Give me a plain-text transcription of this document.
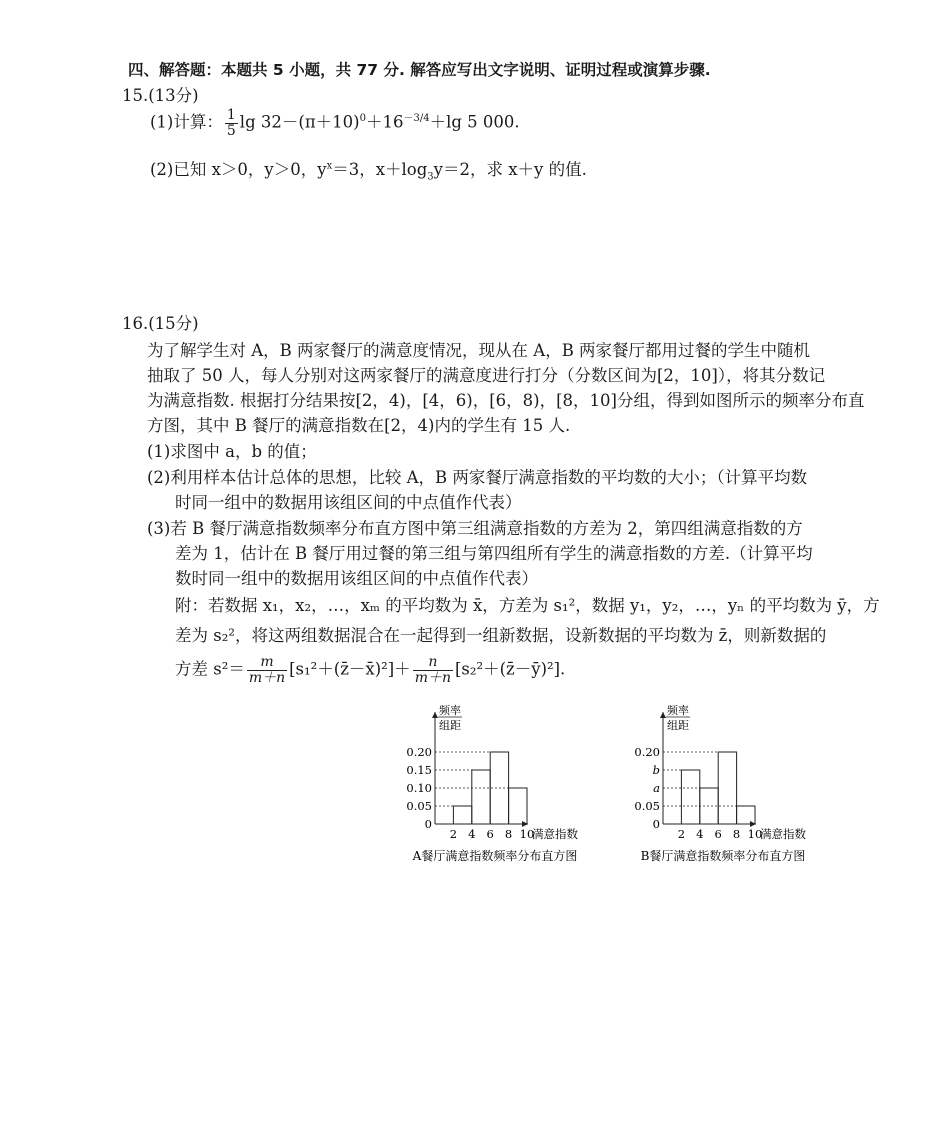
四、解答题：本题共 5 小题，共 77 分. 解答应写出文字说明、证明过程或演算步骤.
15.(13分)
(1)计算： $\frac{1}{5}$ $\lg 32-(\pi+10)^0+16^{-3/4}+\lg$ 5 000.
(2)已知 x＞0，y＞0，$y^x=3$，$x+\log_3y=2$，求 x＋y 的值.
16.(15分)
为了解学生对 A，B 两家餐厅的满意度情况，现从在 A，B 两家餐厅都用过餐的学生中随机
抽取了 50 人，每人分别对这两家餐厅的满意度进行打分（分数区间为[2，10]），将其分数记
为满意指数. 根据打分结果按[2，4)，[4，6)，[6，8)，[8，10]分组，得到如图所示的频率分布直
方图，其中 B 餐厅的满意指数在[2，4)内的学生有 15 人.
(1)求图中 a，b 的值；
(2)利用样本估计总体的思想，比较 A，B 两家餐厅满意指数的平均数的大小；（计算平均数
时同一组中的数据用该组区间的中点值作代表）
(3)若 B 餐厅满意指数频率分布直方图中第三组满意指数的方差为 2，第四组满意指数的方
差为 1，估计在 B 餐厅用过餐的第三组与第四组所有学生的满意指数的方差.（计算平均
数时同一组中的数据用该组区间的中点值作代表）
附：若数据 x₁，x₂，…，xₘ 的平均数为 x̄，方差为 s₁²，数据 y₁，y₂，…，yₙ 的平均数为 ȳ，方
差为 s₂²，将这两组数据混合在一起得到一组新数据，设新数据的平均数为 z̄，则新数据的
方差 $s^2= \frac{m}{m+n}$ [s₁²＋(z̄－x̄)²]＋ $\frac{n}{m+n}$ [s₂²＋(z̄－ȳ)²].
频率
组距
0.20
0.15
0.10
0.05
0
2 4 6 8 10
满意指数
A餐厅满意指数频率分布直方图
频率
组距
0.20
b
a
0.05
0
2 4 6 8 10
满意指数
B餐厅满意指数频率分布直方图
